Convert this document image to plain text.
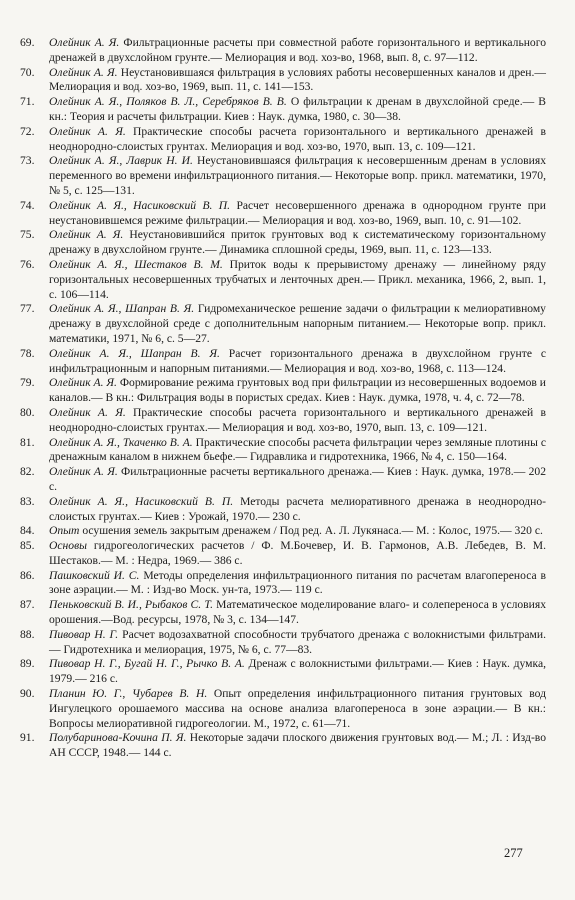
69.	Олейник А. Я. Фильтрационные расчеты при совместной работе горизонтального и вертикального дренажей в двухслойном грунте.— Мелиорация и вод. хоз-во, 1968, вып. 8, с. 97—112.
70.	Олейник А. Я. Неустановившаяся фильтрация в условиях работы несовершенных каналов и дрен.— Мелиорация и вод. хоз-во, 1969, вып. 11, с. 141—153.
71.	Олейник А. Я., Поляков В. Л., Серебряков В. В. О фильтрации к дренам в двухслойной среде.— В кн.: Теория и расчеты фильтрации. Киев : Наук. думка, 1980, с. 30—38.
72.	Олейник А. Я. Практические способы расчета горизонтального и вертикального дренажей в неоднородно-слоистых грунтах. Мелиорация и вод. хоз-во, 1970, вып. 13, с. 109—121.
73.	Олейник А. Я., Лаврик Н. И. Неустановившаяся фильтрация к несовершенным дренам в условиях переменного во времени инфильтрационного питания.— Некоторые вопр. прикл. математики, 1970, № 5, с. 125—131.
74.	Олейник А. Я., Насиковский В. П. Расчет несовершенного дренажа в однородном грунте при неустановившемся режиме фильтрации.— Мелиорация и вод. хоз-во, 1969, вып. 10, с. 91—102.
75.	Олейник А. Я. Неустановившийся приток грунтовых вод к систематическому горизонтальному дренажу в двухслойном грунте.— Динамика сплошной среды, 1969, вып. 11, с. 123—133.
76.	Олейник А. Я., Шестаков В. М. Приток воды к прерывистому дренажу — линейному ряду горизонтальных несовершенных трубчатых и ленточных дрен.— Прикл. механика, 1966, 2, вып. 1, с. 106—114.
77.	Олейник А. Я., Шапран В. Я. Гидромеханическое решение задачи о фильтрации к мелиоративному дренажу в двухслойной среде с дополнительным напорным питанием.— Некоторые вопр. прикл. математики, 1971, № 6, с. 5—27.
78.	Олейник А. Я., Шапран В. Я. Расчет горизонтального дренажа в двухслойном грунте с инфильтрационным и напорным питаниями.— Мелиорация и вод. хоз-во, 1968, с. 113—124.
79.	Олейник А. Я. Формирование режима грунтовых вод при фильтрации из несовершенных водоемов и каналов.— В кн.: Фильтрация воды в пористых средах. Киев : Наук. думка, 1978, ч. 4, с. 72—78.
80.	Олейник А. Я. Практические способы расчета горизонтального и вертикального дренажей в неоднородно-слоистых грунтах.— Мелиорация и вод. хоз-во, 1970, вып. 13, с. 109—121.
81.	Олейник А. Я., Ткаченко В. А. Практические способы расчета фильтрации через земляные плотины с дренажным каналом в нижнем бьефе.— Гидравлика и гидротехника, 1966, № 4, с. 150—164.
82.	Олейник А. Я. Фильтрационные расчеты вертикального дренажа.— Киев : Наук. думка, 1978.— 202 с.
83.	Олейник А. Я., Насиковский В. П. Методы расчета мелиоративного дренажа в неоднородно-слоистых грунтах.— Киев : Урожай, 1970.— 230 с.
84.	Опыт осушения земель закрытым дренажем / Под ред. А. Л. Лукянаса.— М. : Колос, 1975.— 320 с.
85.	Основы гидрогеологических расчетов / Ф. М.Бочевер, И. В. Гармонов, А.В. Лебедев, В. М. Шестаков.— М. : Недра, 1969.— 386 с.
86.	Пашковский И. С. Методы определения инфильтрационного питания по расчетам влагопереноса в зоне аэрации.— М. : Изд-во Моск. ун-та, 1973.— 119 с.
87.	Пеньковский В. И., Рыбаков С. Т. Математическое моделирование влаго- и солепереноса в условиях орошения.—Вод. ресурсы, 1978, № 3, с. 134—147.
88.	Пивовар Н. Г. Расчет водозахватной способности трубчатого дренажа с волокнистыми фильтрами.— Гидротехника и мелиорация, 1975, № 6, с. 77—83.
89.	Пивовар Н. Г., Бугай Н. Г., Рычко В. А. Дренаж с волокнистыми фильтрами.— Киев : Наук. думка, 1979.— 216 с.
90.	Планин Ю. Г., Чубарев В. Н. Опыт определения инфильтрационного питания грунтовых вод Ингулецкого орошаемого массива на основе анализа влагопереноса в зоне аэрации.— В кн.: Вопросы мелиоративной гидрогеологии. М., 1972, с. 61—71.
91.	Полубаринова-Кочина П. Я. Некоторые задачи плоского движения грунтовых вод.— М.; Л. : Изд-во АН СССР, 1948.— 144 с.
277
